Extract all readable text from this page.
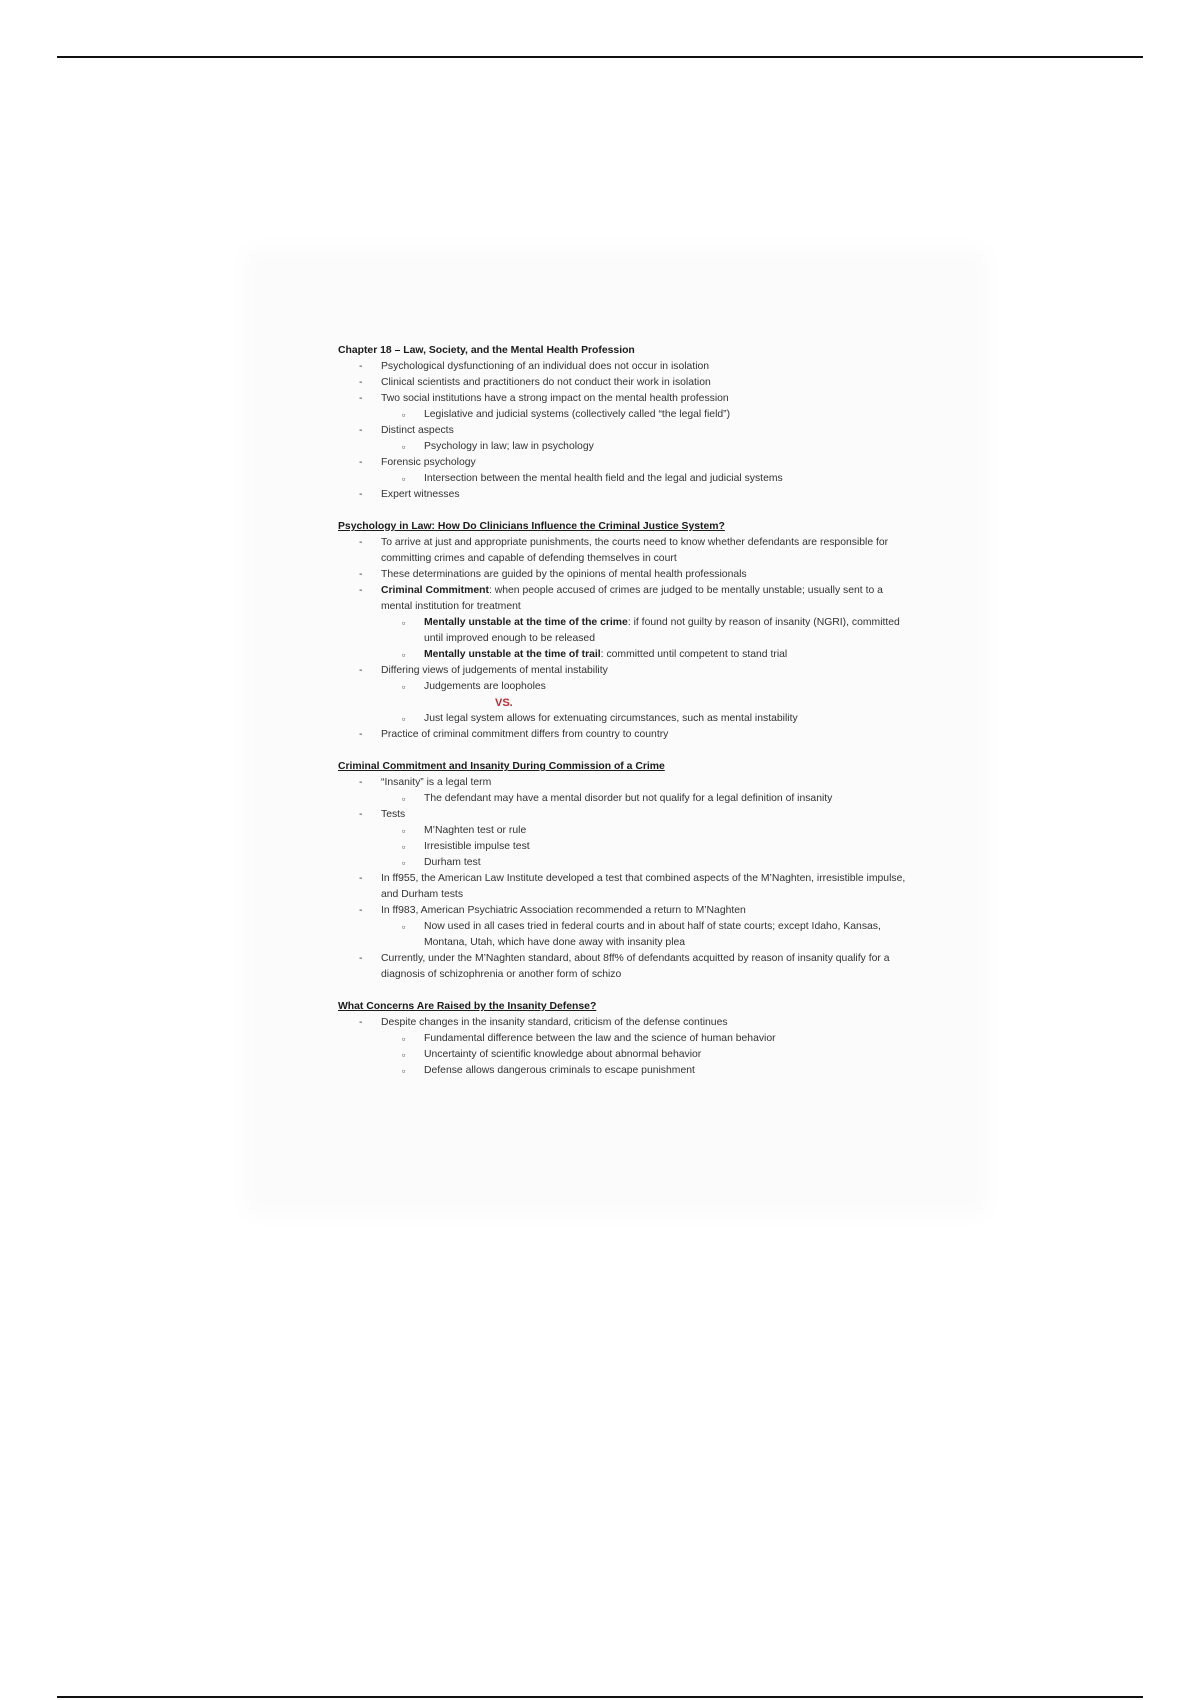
Chapter 18 – Law, Society, and the Mental Health Profession

- Psychological dysfunctioning of an individual does not occur in isolation
- Clinical scientists and practitioners do not conduct their work in isolation
- Two social institutions have a strong impact on the mental health profession
▫ Legislative and judicial systems (collectively called “the legal field”)
- Distinct aspects
▫ Psychology in law; law in psychology
- Forensic psychology
▫ Intersection between the mental health field and the legal and judicial systems
- Expert witnesses

Psychology in Law: How Do Clinicians Influence the Criminal Justice System?

- To arrive at just and appropriate punishments, the courts need to know whether defendants are responsible for committing crimes and capable of defending themselves in court
- These determinations are guided by the opinions of mental health professionals
- Criminal Commitment: when people accused of crimes are judged to be mentally unstable; usually sent to a mental institution for treatment
▫ Mentally unstable at the time of the crime: if found not guilty by reason of insanity (NGRI), committed until improved enough to be released
▫ Mentally unstable at the time of trail: committed until competent to stand trial
- Differing views of judgements of mental instability
▫ Judgements are loopholes
VS.
▫ Just legal system allows for extenuating circumstances, such as mental instability
- Practice of criminal commitment differs from country to country

Criminal Commitment and Insanity During Commission of a Crime

- “Insanity” is a legal term
▫ The defendant may have a mental disorder but not qualify for a legal definition of insanity
- Tests
▫ M’Naghten test or rule
▫ Irresistible impulse test
▫ Durham test
- In ff955, the American Law Institute developed a test that combined aspects of the M’Naghten, irresistible impulse, and Durham tests
- In ff983, American Psychiatric Association recommended a return to M’Naghten
▫ Now used in all cases tried in federal courts and in about half of state courts; except Idaho, Kansas, Montana, Utah, which have done away with insanity plea
- Currently, under the M’Naghten standard, about 8ff% of defendants acquitted by reason of insanity qualify for a diagnosis of schizophrenia or another form of schizo

What Concerns Are Raised by the Insanity Defense?

- Despite changes in the insanity standard, criticism of the defense continues
▫ Fundamental difference between the law and the science of human behavior
▫ Uncertainty of scientific knowledge about abnormal behavior
▫ Defense allows dangerous criminals to escape punishment
